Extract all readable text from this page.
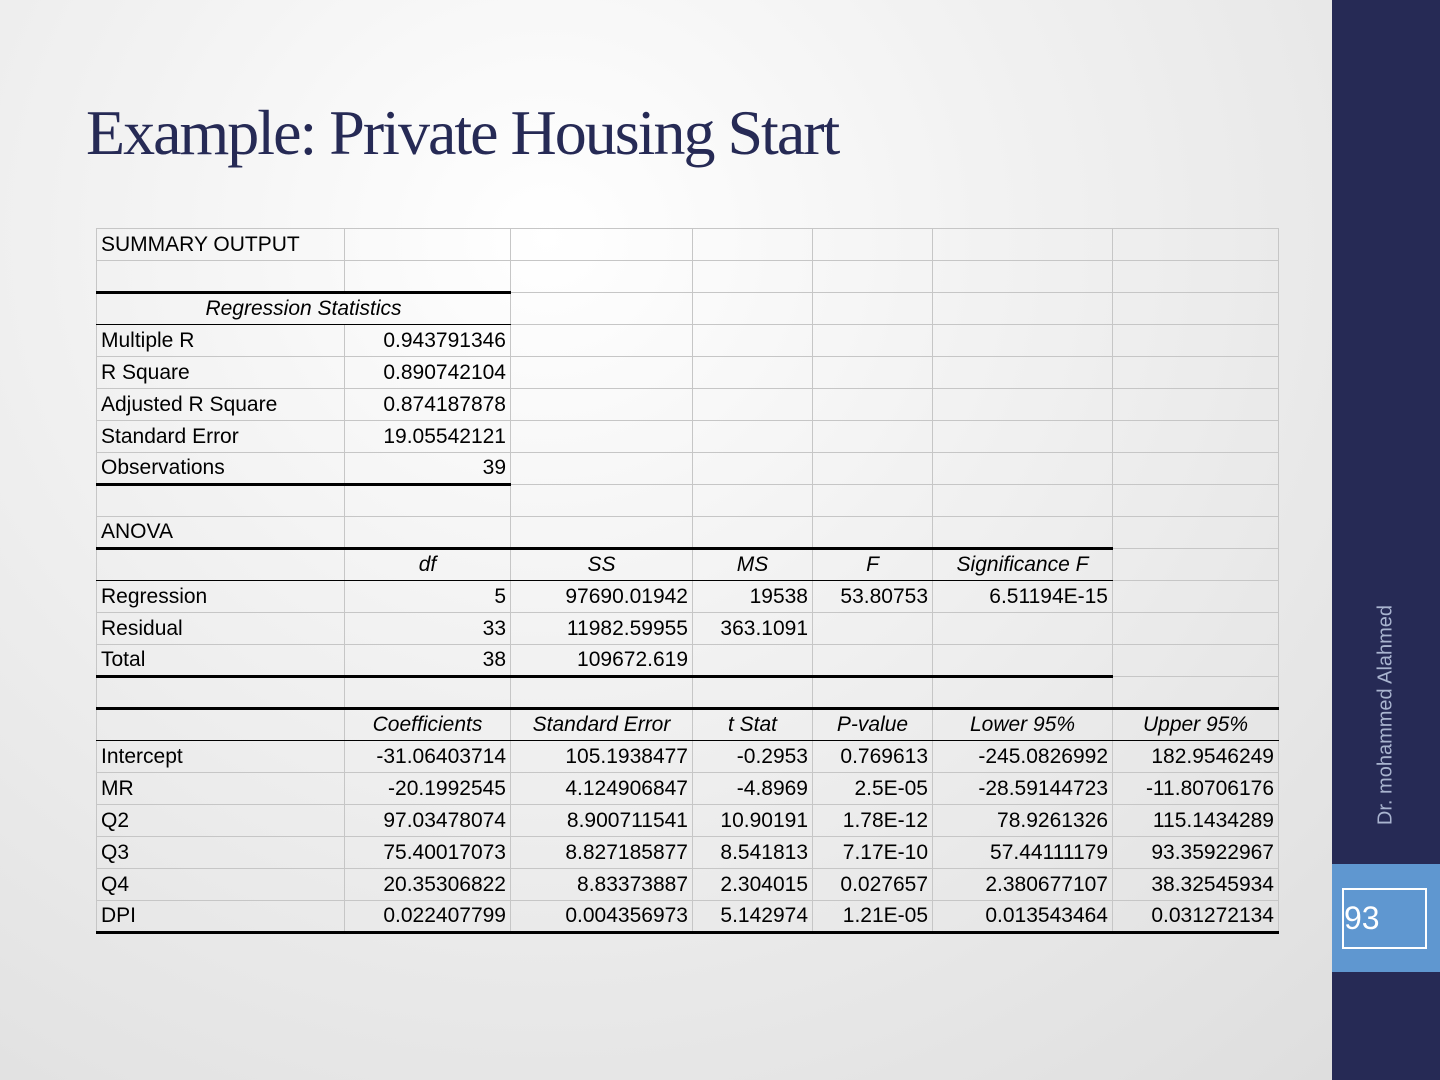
Example: Private Housing Start
SUMMARY OUTPUT						

Regression Statistics						
Multiple R	0.943791346					
R Square	0.890742104					
Adjusted R Square	0.874187878					
Standard Error	19.05542121					
Observations	39					

ANOVA						
	df	SS	MS	F	Significance F	
Regression	5	97690.01942	19538	53.80753	6.51194E-15	
Residual	33	11982.59955	363.1091			
Total	38	109672.619				

	Coefficients	Standard Error	t Stat	P-value	Lower 95%	Upper 95%
Intercept	-31.06403714	105.1938477	-0.2953	0.769613	-245.0826992	182.9546249
MR	-20.1992545	4.124906847	-4.8969	2.5E-05	-28.59144723	-11.80706176
Q2	97.03478074	8.900711541	10.90191	1.78E-12	78.9261326	115.1434289
Q3	75.40017073	8.827185877	8.541813	7.17E-10	57.44111179	93.35922967
Q4	20.35306822	8.83373887	2.304015	0.027657	2.380677107	38.32545934
DPI	0.022407799	0.004356973	5.142974	1.21E-05	0.013543464	0.031272134
Dr. mohammed Alahmed
93
